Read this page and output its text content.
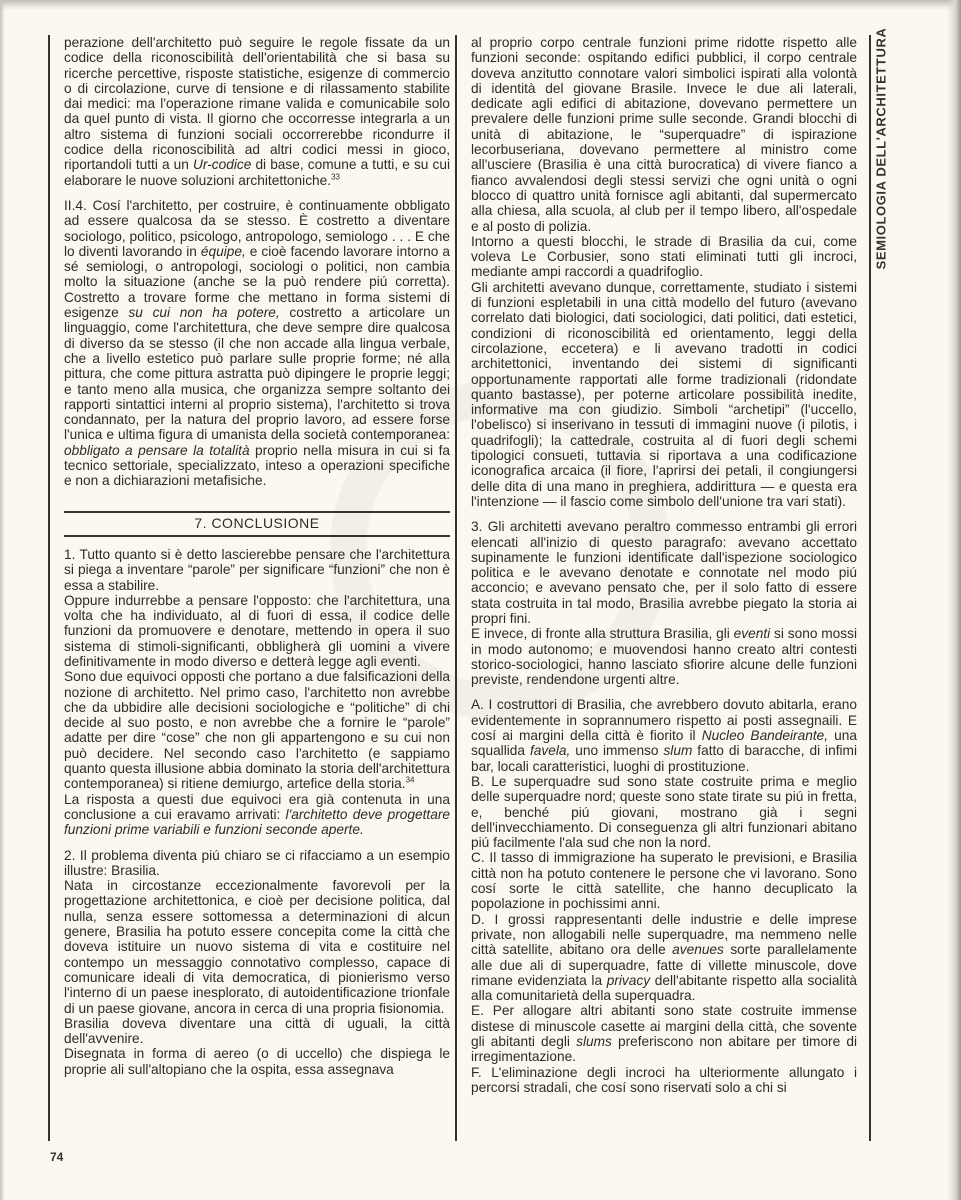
perazione dell'architetto può seguire le regole fissate da un codice della riconoscibilità dell'orientabilità che si basa su ricerche percettive, risposte statistiche, esigenze di commercio o di circolazione, curve di tensione e di rilassamento stabilite dai medici: ma l'operazione rimane valida e comunicabile solo da quel punto di vista. Il giorno che occorresse integrarla a un altro sistema di funzioni sociali occorrerebbe ricondurre il codice della riconoscibilità ad altri codici messi in gioco, riportandoli tutti a un Ur-codice di base, comune a tutti, e su cui elaborare le nuove soluzioni architettoniche.$^{33}$

II.4. Cosí l'architetto, per costruire, è continuamente obbligato ad essere qualcosa da se stesso. È costretto a diventare sociologo, politico, psicologo, antropologo, semiologo . . . E che lo diventi lavorando in équipe, e cioè facendo lavorare intorno a sé semiologi, o antropologi, sociologi o politici, non cambia molto la situazione (anche se la può rendere piú corretta). Costretto a trovare forme che mettano in forma sistemi di esigenze su cui non ha potere, costretto a articolare un linguaggio, come l'architettura, che deve sempre dire qualcosa di diverso da se stesso (il che non accade alla lingua verbale, che a livello estetico può parlare sulle proprie forme; né alla pittura, che come pittura astratta può dipingere le proprie leggi; e tanto meno alla musica, che organizza sempre soltanto dei rapporti sintattici interni al proprio sistema), l'architetto si trova condannato, per la natura del proprio lavoro, ad essere forse l'unica e ultima figura di umanista della società contemporanea: obbligato a pensare la totalità proprio nella misura in cui si fa tecnico settoriale, specializzato, inteso a operazioni specifiche e non a dichiarazioni metafisiche.

7. CONCLUSIONE

1. Tutto quanto si è detto lascierebbe pensare che l'architettura si piega a inventare “parole” per significare “funzioni” che non è essa a stabilire.

Oppure indurrebbe a pensare l'opposto: che l'architettura, una volta che ha individuato, al di fuori di essa, il codice delle funzioni da promuovere e denotare, mettendo in opera il suo sistema di stimoli-significanti, obbligherà gli uomini a vivere definitivamente in modo diverso e detterà legge agli eventi.

Sono due equivoci opposti che portano a due falsificazioni della nozione di architetto. Nel primo caso, l'architetto non avrebbe che da ubbidire alle decisioni sociologiche e “politiche” di chi decide al suo posto, e non avrebbe che a fornire le “parole” adatte per dire “cose” che non gli appartengono e su cui non può decidere. Nel secondo caso l'architetto (e sappiamo quanto questa illusione abbia dominato la storia dell'architettura contemporanea) si ritiene demiurgo, artefice della storia.$^{34}$

La risposta a questi due equivoci era già contenuta in una conclusione a cui eravamo arrivati: l'architetto deve progettare funzioni prime variabili e funzioni seconde aperte.

2. Il problema diventa piú chiaro se ci rifacciamo a un esempio illustre: Brasilia.

Nata in circostanze eccezionalmente favorevoli per la progettazione architettonica, e cioè per decisione politica, dal nulla, senza essere sottomessa a determinazioni di alcun genere, Brasilia ha potuto essere concepita come la città che doveva istituire un nuovo sistema di vita e costituire nel contempo un messaggio connotativo complesso, capace di comunicare ideali di vita democratica, di pionierismo verso l'interno di un paese inesplorato, di autoidentificazione trionfale di un paese giovane, ancora in cerca di una propria fisionomia.

Brasilia doveva diventare una città di uguali, la città dell'avvenire.

Disegnata in forma di aereo (o di uccello) che dispiega le proprie ali sull'altopiano che la ospita, essa assegnava

al proprio corpo centrale funzioni prime ridotte rispetto alle funzioni seconde: ospitando edifici pubblici, il corpo centrale doveva anzitutto connotare valori simbolici ispirati alla volontà di identità del giovane Brasile. Invece le due ali laterali, dedicate agli edifici di abitazione, dovevano permettere un prevalere delle funzioni prime sulle seconde. Grandi blocchi di unità di abitazione, le “superquadre” di ispirazione lecorbuseriana, dovevano permettere al ministro come all'usciere (Brasilia è una città burocratica) di vivere fianco a fianco avvalendosi degli stessi servizi che ogni unità o ogni blocco di quattro unità fornisce agli abitanti, dal supermercato alla chiesa, alla scuola, al club per il tempo libero, all'ospedale e al posto di polizia.

Intorno a questi blocchi, le strade di Brasilia da cui, come voleva Le Corbusier, sono stati eliminati tutti gli incroci, mediante ampi raccordi a quadrifoglio.

Gli architetti avevano dunque, correttamente, studiato i sistemi di funzioni espletabili in una città modello del futuro (avevano correlato dati biologici, dati sociologici, dati politici, dati estetici, condizioni di riconoscibilità ed orientamento, leggi della circolazione, eccetera) e li avevano tradotti in codici architettonici, inventando dei sistemi di significanti opportunamente rapportati alle forme tradizionali (ridondate quanto bastasse), per poterne articolare possibilità inedite, informative ma con giudizio. Simboli “archetipi” (l'uccello, l'obelisco) si inserivano in tessuti di immagini nuove (i pilotis, i quadrifogli); la cattedrale, costruita al di fuori degli schemi tipologici consueti, tuttavia si riportava a una codificazione iconografica arcaica (il fiore, l'aprirsi dei petali, il congiungersi delle dita di una mano in preghiera, addirittura — e questa era l'intenzione — il fascio come simbolo dell'unione tra vari stati).

3. Gli architetti avevano peraltro commesso entrambi gli errori elencati all'inizio di questo paragrafo: avevano accettato supinamente le funzioni identificate dall'ispezione sociologico politica e le avevano denotate e connotate nel modo piú acconcio; e avevano pensato che, per il solo fatto di essere stata costruita in tal modo, Brasilia avrebbe piegato la storia ai propri fini.

E invece, di fronte alla struttura Brasilia, gli eventi si sono mossi in modo autonomo; e muovendosi hanno creato altri contesti storico-sociologici, hanno lasciato sfiorire alcune delle funzioni previste, rendendone urgenti altre.

A. I costruttori di Brasilia, che avrebbero dovuto abitarla, erano evidentemente in soprannumero rispetto ai posti assegnaili. E cosí ai margini della città è fiorito il Nucleo Bandeirante, una squallida favela, uno immenso slum fatto di baracche, di infimi bar, locali caratteristici, luoghi di prostituzione.

B. Le superquadre sud sono state costruite prima e meglio delle superquadre nord; queste sono state tirate su piú in fretta, e, benché piú giovani, mostrano già i segni dell'invecchiamento. Di conseguenza gli altri funzionari abitano piú facilmente l'ala sud che non la nord.

C. Il tasso di immigrazione ha superato le previsioni, e Brasilia città non ha potuto contenere le persone che vi lavorano. Sono cosí sorte le città satellite, che hanno decuplicato la popolazione in pochissimi anni.

D. I grossi rappresentanti delle industrie e delle imprese private, non allogabili nelle superquadre, ma nemmeno nelle città satellite, abitano ora delle avenues sorte parallelamente alle due ali di superquadre, fatte di villette minuscole, dove rimane evidenziata la privacy dell'abitante rispetto alla socialità alla comunitarietà della superquadra.

E. Per allogare altri abitanti sono state costruite immense distese di minuscole casette ai margini della città, che sovente gli abitanti degli slums preferiscono non abitare per timore di irregimentazione.

F. L'eliminazione degli incroci ha ulteriormente allungato i percorsi stradali, che cosí sono riservati solo a chi si

SEMIOLOGIA DELL'ARCHITETTURA
74
